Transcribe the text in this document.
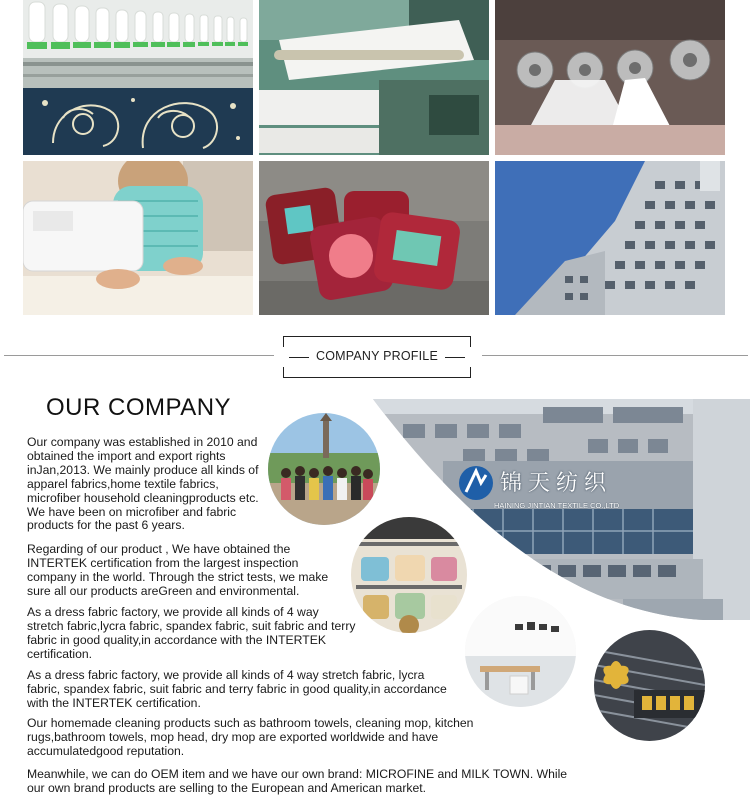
COMPANY PROFILE
OUR COMPANY
锦天纺织
HAINING JINTIAN TEXTILE CO.,LTD

Our company was established in 2010 and obtained the import and export rights inJan,2013. We mainly produce all kinds of apparel fabrics,home textile fabrics, microfiber household cleaningproducts etc. We have been on microfiber and fabric products for the past 6 years.

Regarding of our product , We have obtained the INTERTEK certification from the largest inspection company in the world. Through the strict tests, we make sure all our products areGreen and environmental.

As a dress fabric factory, we provide all kinds of 4 way stretch fabric,lycra fabric, spandex fabric, suit fabric and terry fabric in good quality,in accordance with the INTERTEK certification.

As a dress fabric factory, we provide all kinds of 4 way stretch fabric, lycra fabric, spandex fabric, suit fabric and terry fabric in good quality,in accordance with the INTERTEK certification.

Our homemade cleaning products such as bathroom towels, cleaning mop, kitchen rugs,bathroom towels, mop head, dry mop are exported worldwide and have accumulatedgood reputation.

Meanwhile, we can do OEM item and we have our own brand: MICROFINE and MILK TOWN. While our own brand products are selling to the European and American market.
